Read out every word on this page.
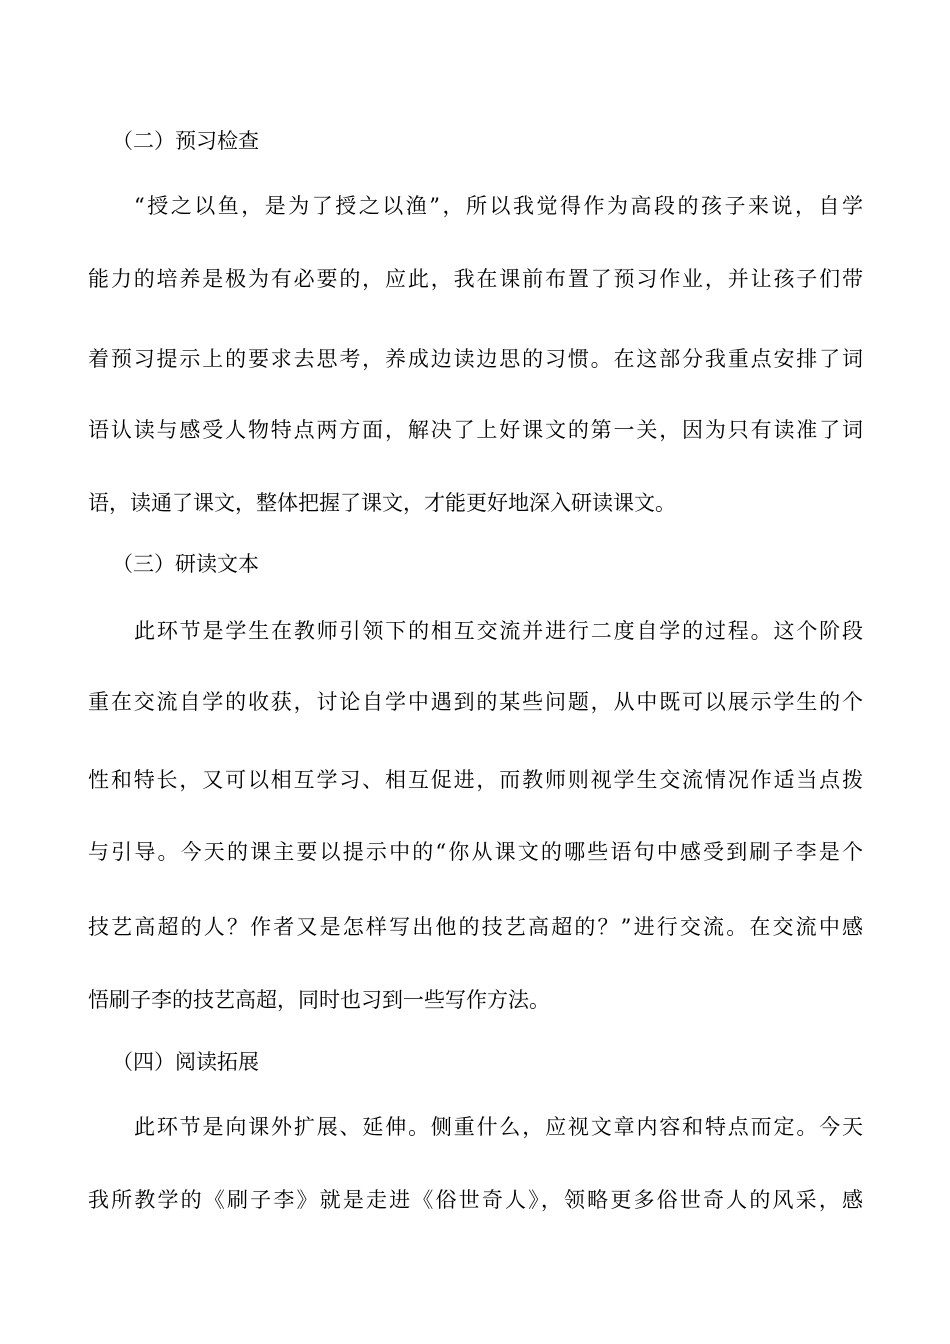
（二）预习检查
“授之以鱼，是为了授之以渔”，所以我觉得作为高段的孩子来说，自学
能力的培养是极为有必要的，应此，我在课前布置了预习作业，并让孩子们带
着预习提示上的要求去思考，养成边读边思的习惯。在这部分我重点安排了词
语认读与感受人物特点两方面，解决了上好课文的第一关，因为只有读准了词
语，读通了课文，整体把握了课文，才能更好地深入研读课文。
（三）研读文本
此环节是学生在教师引领下的相互交流并进行二度自学的过程。这个阶段
重在交流自学的收获，讨论自学中遇到的某些问题，从中既可以展示学生的个
性和特长，又可以相互学习、相互促进，而教师则视学生交流情况作适当点拨
与引导。今天的课主要以提示中的“你从课文的哪些语句中感受到刷子李是个
技艺高超的人？作者又是怎样写出他的技艺高超的？”进行交流。在交流中感
悟刷子李的技艺高超，同时也习到一些写作方法。
（四）阅读拓展
此环节是向课外扩展、延伸。侧重什么，应视文章内容和特点而定。今天
我所教学的《刷子李》就是走进《俗世奇人》，领略更多俗世奇人的风采，感
